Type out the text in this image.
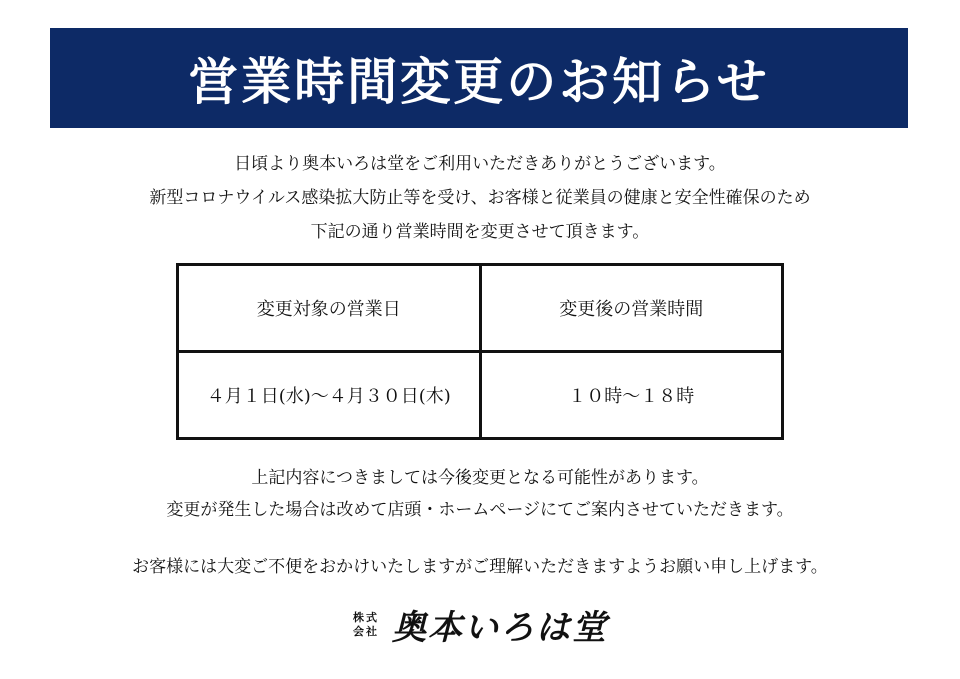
営業時間変更のお知らせ

日頃より奥本いろは堂をご利用いただきありがとうございます。

新型コロナウイルス感染拡大防止等を受け、お客様と従業員の健康と安全性確保のため

下記の通り営業時間を変更させて頂きます。

変更対象の営業日	変更後の営業時間
４月１日(水)～４月３０日(木)	１０時～１８時

上記内容につきましては今後変更となる可能性があります。

変更が発生した場合は改めて店頭・ホームページにてご案内させていただきます。

お客様には大変ご不便をおかけいたしますがご理解いただきますようお願い申し上げます。
株 式
会 社 奥本いろは堂
